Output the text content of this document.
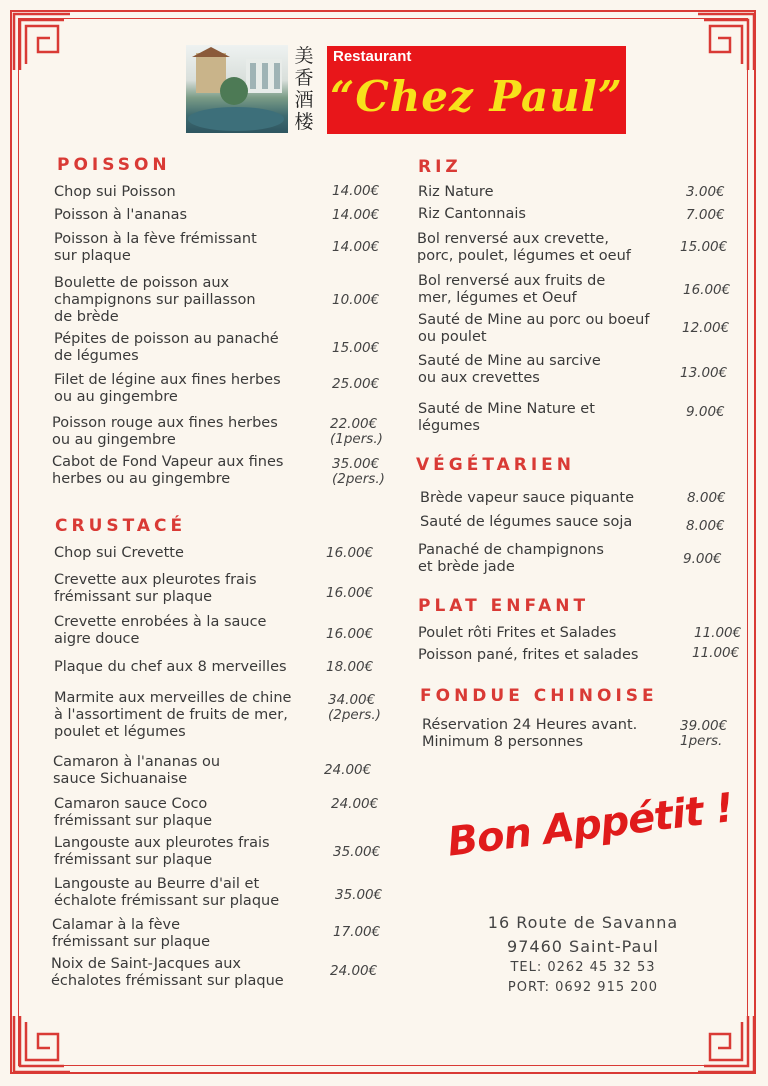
美香酒楼
Restaurant
“Chez Paul”
POISSON
Chop sui Poisson	14.00€
Poisson à l'ananas	14.00€
Poisson à la fève frémissant
sur plaque
14.00€
Boulette de poisson aux
champignons sur paillasson
de brède
10.00€
Pépites de poisson au panaché
de légumes	15.00€
Filet de légine aux fines herbes
ou au gingembre
25.00€
Poisson rouge aux fines herbes
ou au gingembre
22.00€
(1pers.)
Cabot de Fond Vapeur aux fines
herbes ou au gingembre
35.00€
(2pers.)
CRUSTACÉ
Chop sui Crevette	16.00€
Crevette aux pleurotes frais
frémissant sur plaque	16.00€
Crevette enrobées à la sauce
aigre douce	16.00€
Plaque du chef aux 8 merveilles	18.00€
Marmite aux merveilles de chine
à l'assortiment de fruits de mer,
poulet et légumes
34.00€
(2pers.)
Camaron à l'ananas ou
sauce Sichuanaise
24.00€
Camaron sauce Coco
frémissant sur plaque
24.00€
Langouste aux pleurotes frais
frémissant sur plaque	35.00€
Langouste au Beurre d'ail et
échalote frémissant sur plaque	35.00€
Calamar à la fève
frémissant sur plaque
17.00€
Noix de Saint-Jacques aux
échalotes frémissant sur plaque
24.00€
RIZ
Riz Nature	3.00€
Riz Cantonnais	7.00€
Bol renversé aux crevette,
porc, poulet, légumes et oeuf
15.00€
Bol renversé aux fruits de
mer, légumes et Oeuf	16.00€
Sauté de Mine au porc ou boeuf
ou poulet
12.00€
Sauté de Mine au sarcive
ou aux crevettes	13.00€
Sauté de Mine Nature et
légumes
9.00€
VÉGÉTARIEN
Brède vapeur sauce piquante	8.00€
Sauté de légumes sauce soja	8.00€
Panaché de champignons
et brède jade	9.00€
PLAT ENFANT
Poulet rôti Frites et Salades	11.00€
Poisson pané, frites et salades	11.00€
FONDUE CHINOISE
Réservation 24 Heures avant.
Minimum 8 personnes
39.00€
1pers.
Bon Appétit !
16 Route de Savanna
97460 Saint-Paul
TEL: 0262 45 32 53
PORT: 0692 915 200
